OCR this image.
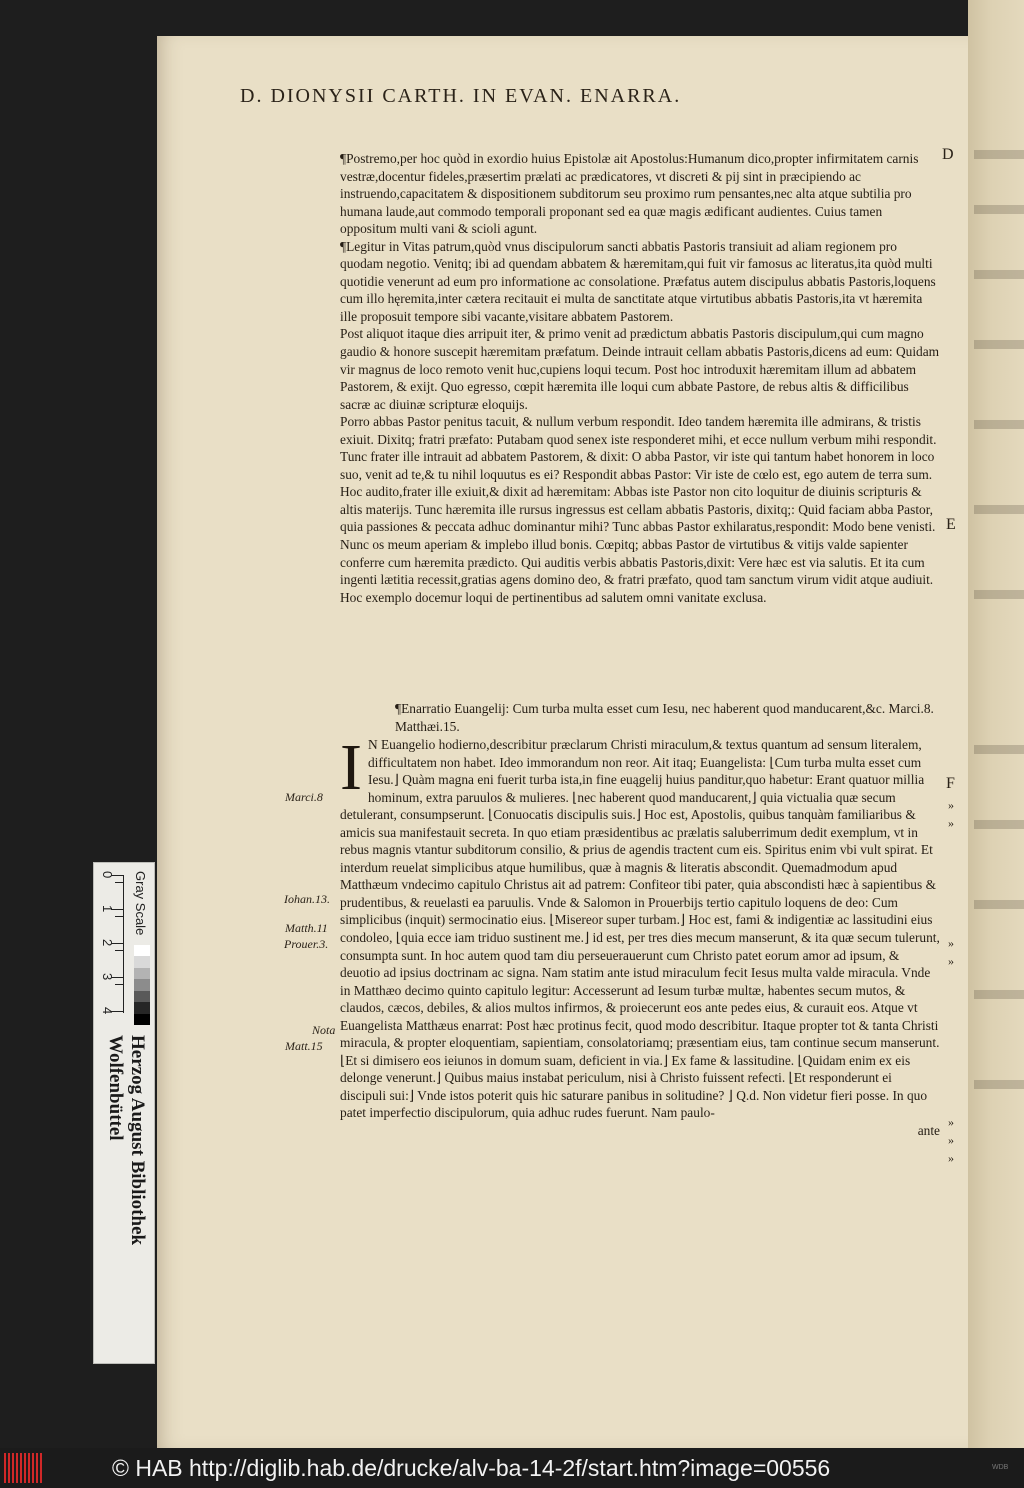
D. DIONYSII CARTH. IN EVAN. ENARRA.

¶Postremo,per hoc quòd in exordio huius Epistolæ ait Apostolus:Humanum dico,propter infirmitatem carnis vestræ,docentur fideles,præsertim prælati ac prædicatores, vt discreti & pij sint in præcipiendo ac instruendo,capacitatem & dispositionem subditorum seu proximo rum pensantes,nec alta atque subtilia pro humana laude,aut commodo temporali proponant sed ea quæ magis ædificant audientes. Cuius tamen oppositum multi vani & scioli agunt.

¶Legitur in Vitas patrum,quòd vnus discipulorum sancti abbatis Pastoris transiuit ad aliam regionem pro quodam negotio. Venitq; ibi ad quendam abbatem & hæremitam,qui fuit vir famosus ac literatus,ita quòd multi quotidie venerunt ad eum pro informatione ac consolatione. Præfatus autem discipulus abbatis Pastoris,loquens cum illo hęremita,inter cætera recitauit ei multa de sanctitate atque virtutibus abbatis Pastoris,ita vt hæremita ille proposuit tempore sibi vacante,visitare abbatem Pastorem.

Post aliquot itaque dies arripuit iter, & primo venit ad prædictum abbatis Pastoris discipulum,qui cum magno gaudio & honore suscepit hæremitam præfatum. Deinde intrauit cellam abbatis Pastoris,dicens ad eum: Quidam vir magnus de loco remoto venit huc,cupiens loqui tecum. Post hoc introduxit hæremitam illum ad abbatem Pastorem, & exijt. Quo egresso, cœpit hæremita ille loqui cum abbate Pastore, de rebus altis & difficilibus sacræ ac diuinæ scripturæ eloquijs.

Porro abbas Pastor penitus tacuit, & nullum verbum respondit. Ideo tandem hæremita ille admirans, & tristis exiuit. Dixitq; fratri præfato: Putabam quod senex iste responderet mihi, et ecce nullum verbum mihi respondit. Tunc frater ille intrauit ad abbatem Pastorem, & dixit: O abba Pastor, vir iste qui tantum habet honorem in loco suo, venit ad te,& tu nihil loquutus es ei? Respondit abbas Pastor: Vir iste de cœlo est, ego autem de terra sum. Hoc audito,frater ille exiuit,& dixit ad hæremitam: Abbas iste Pastor non cito loquitur de diuinis scripturis & altis materijs. Tunc hæremita ille rursus ingressus est cellam abbatis Pastoris, dixitq;: Quid faciam abba Pastor, quia passiones & peccata adhuc dominantur mihi? Tunc abbas Pastor exhilaratus,respondit: Modo bene venisti. Nunc os meum aperiam & implebo illud bonis. Cœpitq; abbas Pastor de virtutibus & vitijs valde sapienter conferre cum hæremita prædicto. Qui auditis verbis abbatis Pastoris,dixit: Vere hæc est via salutis. Et ita cum ingenti lætitia recessit,gratias agens domino deo, & fratri præfato, quod tam sanctum virum vidit atque audiuit. Hoc exemplo docemur loqui de pertinentibus ad salutem omni vanitate exclusa.

¶Enarratio Euangelij: Cum turba multa esset cum Iesu, nec haberent quod manducarent,&c. Marci.8. Matthæi.15.

I N Euangelio hodierno,describitur præclarum Christi miraculum,& textus quantum ad sensum literalem, difficultatem non habet. Ideo immorandum non reor. Ait itaq; Euangelista: ⌊Cum turba multa esset cum Iesu.⌋ Quàm magna eni fuerit turba ista,in fine euągelij huius panditur,quo habetur: Erant quatuor millia hominum, extra paruulos & mulieres. ⌊nec haberent quod manducarent,⌋ quia victualia quæ secum detulerant, consumpserunt. ⌊Conuocatis discipulis suis.⌋ Hoc est, Apostolis, quibus tanquàm familiaribus & amicis sua manifestauit secreta. In quo etiam præsidentibus ac prælatis saluberrimum dedit exemplum, vt in rebus magnis vtantur subditorum consilio, & prius de agendis tractent cum eis. Spiritus enim vbi vult spirat. Et interdum reuelat simplicibus atque humilibus, quæ à magnis & literatis abscondit. Quemadmodum apud Matthæum vndecimo capitulo Christus ait ad patrem: Confiteor tibi pater, quia abscondisti hæc à sapientibus & prudentibus, & reuelasti ea paruulis. Vnde & Salomon in Prouerbijs tertio capitulo loquens de deo: Cum simplicibus (inquit) sermocinatio eius. ⌊Misereor super turbam.⌋ Hoc est, fami & indigentiæ ac lassitudini eius condoleo, ⌊quia ecce iam triduo sustinent me.⌋ id est, per tres dies mecum manserunt, & ita quæ secum tulerunt, consumpta sunt. In hoc autem quod tam diu perseuerauerunt cum Christo patet eorum amor ad ipsum, & deuotio ad ipsius doctrinam ac signa. Nam statim ante istud miraculum fecit Iesus multa valde miracula. Vnde in Matthæo decimo quinto capitulo legitur: Accesserunt ad Iesum turbæ multæ, habentes secum mutos, & claudos, cæcos, debiles, & alios multos infirmos, & proiecerunt eos ante pedes eius, & curauit eos. Atque vt Euangelista Matthæus enarrat: Post hæc protinus fecit, quod modo describitur. Itaque propter tot & tanta Christi miracula, & propter eloquentiam, sapientiam, consolatoriamq; præsentiam eius, tam continue secum manserunt. ⌊Et si dimisero eos ieiunos in domum suam, deficient in via.⌋ Ex fame & lassitudine. ⌊Quidam enim ex eis delonge venerunt.⌋ Quibus maius instabat periculum, nisi à Christo fuissent refecti. ⌊Et responderunt ei discipuli sui:⌋ Vnde istos poterit quis hic saturare panibus in solitudine? ⌋ Q.d. Non videtur fieri posse. In quo patet imperfectio discipulorum, quia adhuc rudes fuerunt. Nam paulo-

ante

D

E

F

Marci.8

Iohan.13.

Matth.11

Prouer.3.

Nota

Matt.15

»

»

»

»

»

»

»

Gray Scale
0
1
2
3
4
Herzog August Bibliothek
Wolfenbüttel

© HAB http://diglib.hab.de/drucke/alv-ba-14-2f/start.htm?image=00556	WDB
